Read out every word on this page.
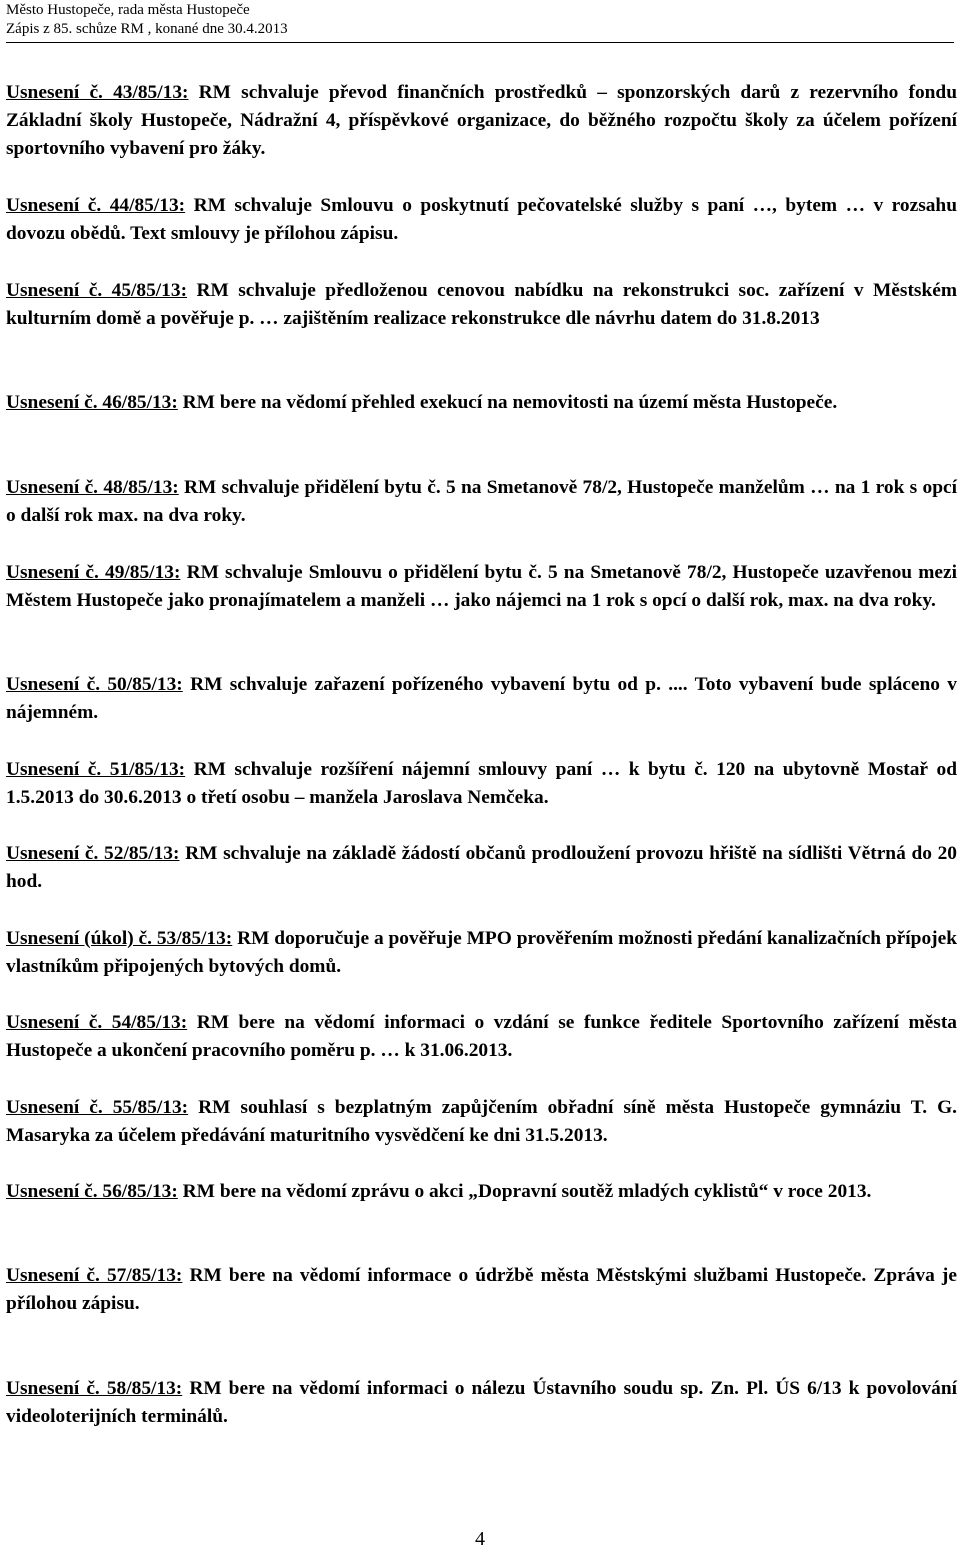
Město Hustopeče, rada města Hustopeče
Zápis z 85. schůze RM , konané dne 30.4.2013
Usnesení č. 43/85/13: RM schvaluje převod finančních prostředků – sponzorských darů z rezervního fondu Základní školy Hustopeče, Nádražní 4, příspěvkové organizace, do běžného rozpočtu školy za účelem pořízení sportovního vybavení pro žáky.
Usnesení č. 44/85/13: RM schvaluje Smlouvu o poskytnutí pečovatelské služby s paní …, bytem … v rozsahu dovozu obědů. Text smlouvy je přílohou zápisu.
Usnesení č. 45/85/13: RM schvaluje předloženou cenovou nabídku na rekonstrukci soc. zařízení v Městském kulturním domě a pověřuje p. … zajištěním realizace rekonstrukce dle návrhu datem do 31.8.2013
Usnesení č. 46/85/13: RM bere na vědomí přehled exekucí na nemovitosti na území města Hustopeče.
Usnesení č. 48/85/13: RM schvaluje přidělení bytu č. 5 na Smetanově 78/2, Hustopeče manželům … na 1 rok s opcí o další rok max. na dva roky.
Usnesení č. 49/85/13: RM schvaluje Smlouvu o přidělení bytu č. 5 na Smetanově 78/2, Hustopeče uzavřenou mezi Městem Hustopeče jako pronajímatelem a manželi … jako nájemci na 1 rok s opcí o další rok, max. na dva roky.
Usnesení č. 50/85/13: RM schvaluje zařazení pořízeného vybavení bytu od p. .... Toto vybavení bude spláceno v nájemném.
Usnesení č. 51/85/13: RM schvaluje rozšíření nájemní smlouvy paní … k bytu č. 120 na ubytovně Mostař od 1.5.2013 do 30.6.2013 o třetí osobu – manžela Jaroslava Nemčeka.
Usnesení č. 52/85/13: RM schvaluje na základě žádostí občanů prodloužení provozu hřiště na sídlišti Větrná do 20 hod.
Usnesení (úkol) č. 53/85/13: RM doporučuje a pověřuje MPO prověřením možnosti předání kanalizačních přípojek vlastníkům připojených bytových domů.
Usnesení č. 54/85/13: RM bere na vědomí informaci o vzdání se funkce ředitele Sportovního zařízení města Hustopeče a ukončení pracovního poměru p. … k 31.06.2013.
Usnesení č. 55/85/13: RM souhlasí s bezplatným zapůjčením obřadní síně města Hustopeče gymnáziu T. G. Masaryka za účelem předávání maturitního vysvědčení ke dni 31.5.2013.
Usnesení č. 56/85/13: RM bere na vědomí zprávu o akci „Dopravní soutěž mladých cyklistů“ v roce 2013.
Usnesení č. 57/85/13: RM bere na vědomí informace o údržbě města Městskými službami Hustopeče. Zpráva je přílohou zápisu.
Usnesení č. 58/85/13: RM bere na vědomí informaci o nálezu Ústavního soudu sp. Zn. Pl. ÚS 6/13 k povolování videoloterijních terminálů.
4
